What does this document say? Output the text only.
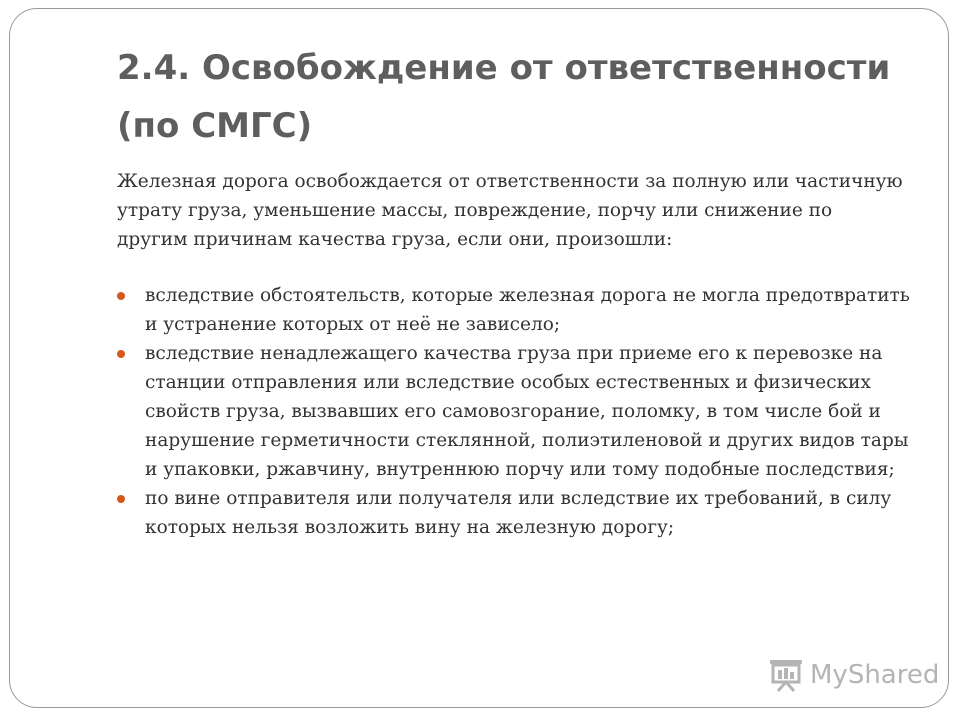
2.4. Освобождение от ответственности (по СМГС)

Железная дорога освобождается от ответственности за полную или частичную утрату груза, уменьшение массы, повреждение, порчу или снижение по другим причинам качества груза, если они, произошли:

вследствие обстоятельств, которые железная дорога не могла предотвратить и устранение которых от неё не зависело;
вследствие ненадлежащего качества груза при приеме его к перевозке на станции отправления или вследствие особых естественных и физических свойств груза, вызвавших его самовозгорание, поломку, в том числе бой и нарушение герметичности стеклянной, полиэтиленовой и других видов тары и упаковки, ржавчину, внутреннюю порчу или тому подобные последствия;
по вине отправителя или получателя или вследствие их требований, в силу которых нельзя возложить вину на железную дорогу;
MyShared
